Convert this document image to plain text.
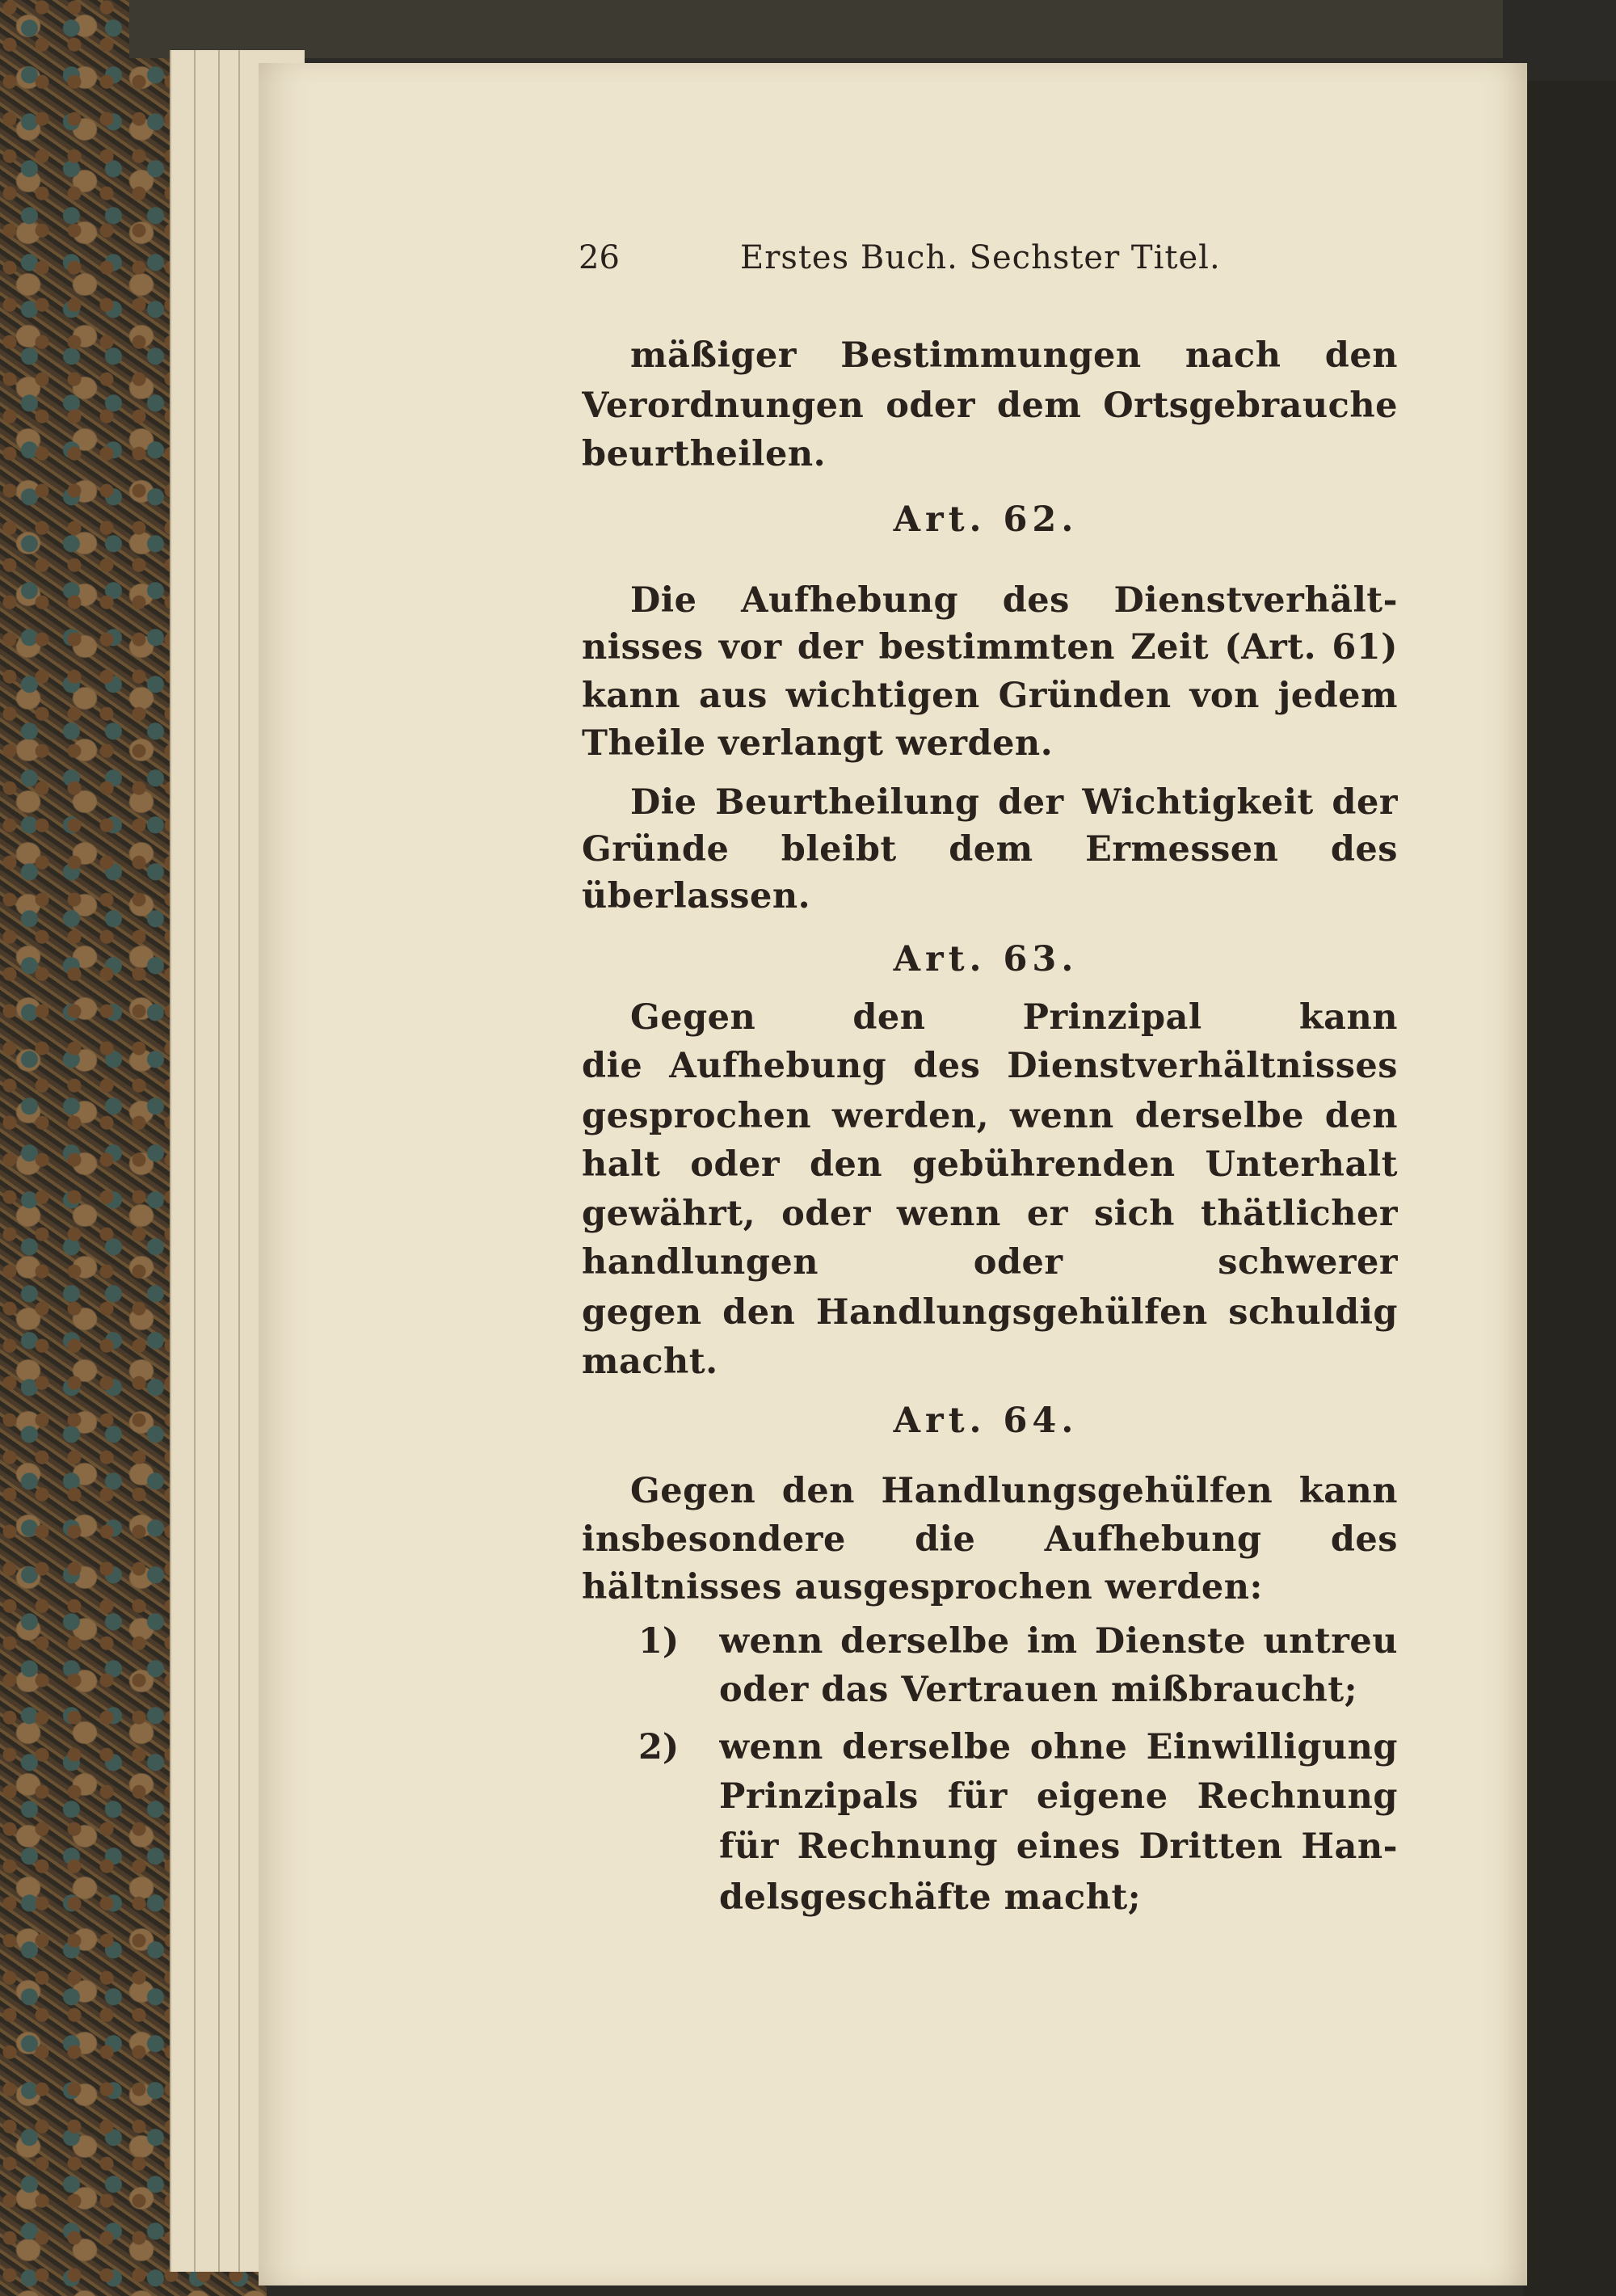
26	Erstes Buch. Sechster Titel.
mäßiger Bestimmungen nach den
Verordnungen oder dem Ortsgebrauche
beurtheilen.
Art. 62.
Die Aufhebung des Dienstverhält-
nisses vor der bestimmten Zeit (Art. 61)
kann aus wichtigen Gründen von jedem
Theile verlangt werden.
Die Beurtheilung der Wichtigkeit der
Gründe bleibt dem Ermessen des
überlassen.
Art. 63.
Gegen den Prinzipal kann
die Aufhebung des Dienstverhältnisses
gesprochen werden, wenn derselbe den
halt oder den gebührenden Unterhalt
gewährt, oder wenn er sich thätlicher
handlungen oder schwerer
gegen den Handlungsgehülfen schuldig
macht.
Art. 64.
Gegen den Handlungsgehülfen kann
insbesondere die Aufhebung des
hältnisses ausgesprochen werden:
1) wenn derselbe im Dienste untreu
oder das Vertrauen mißbraucht;
2) wenn derselbe ohne Einwilligung
Prinzipals für eigene Rechnung
für Rechnung eines Dritten Han-
delsgeschäfte macht;
